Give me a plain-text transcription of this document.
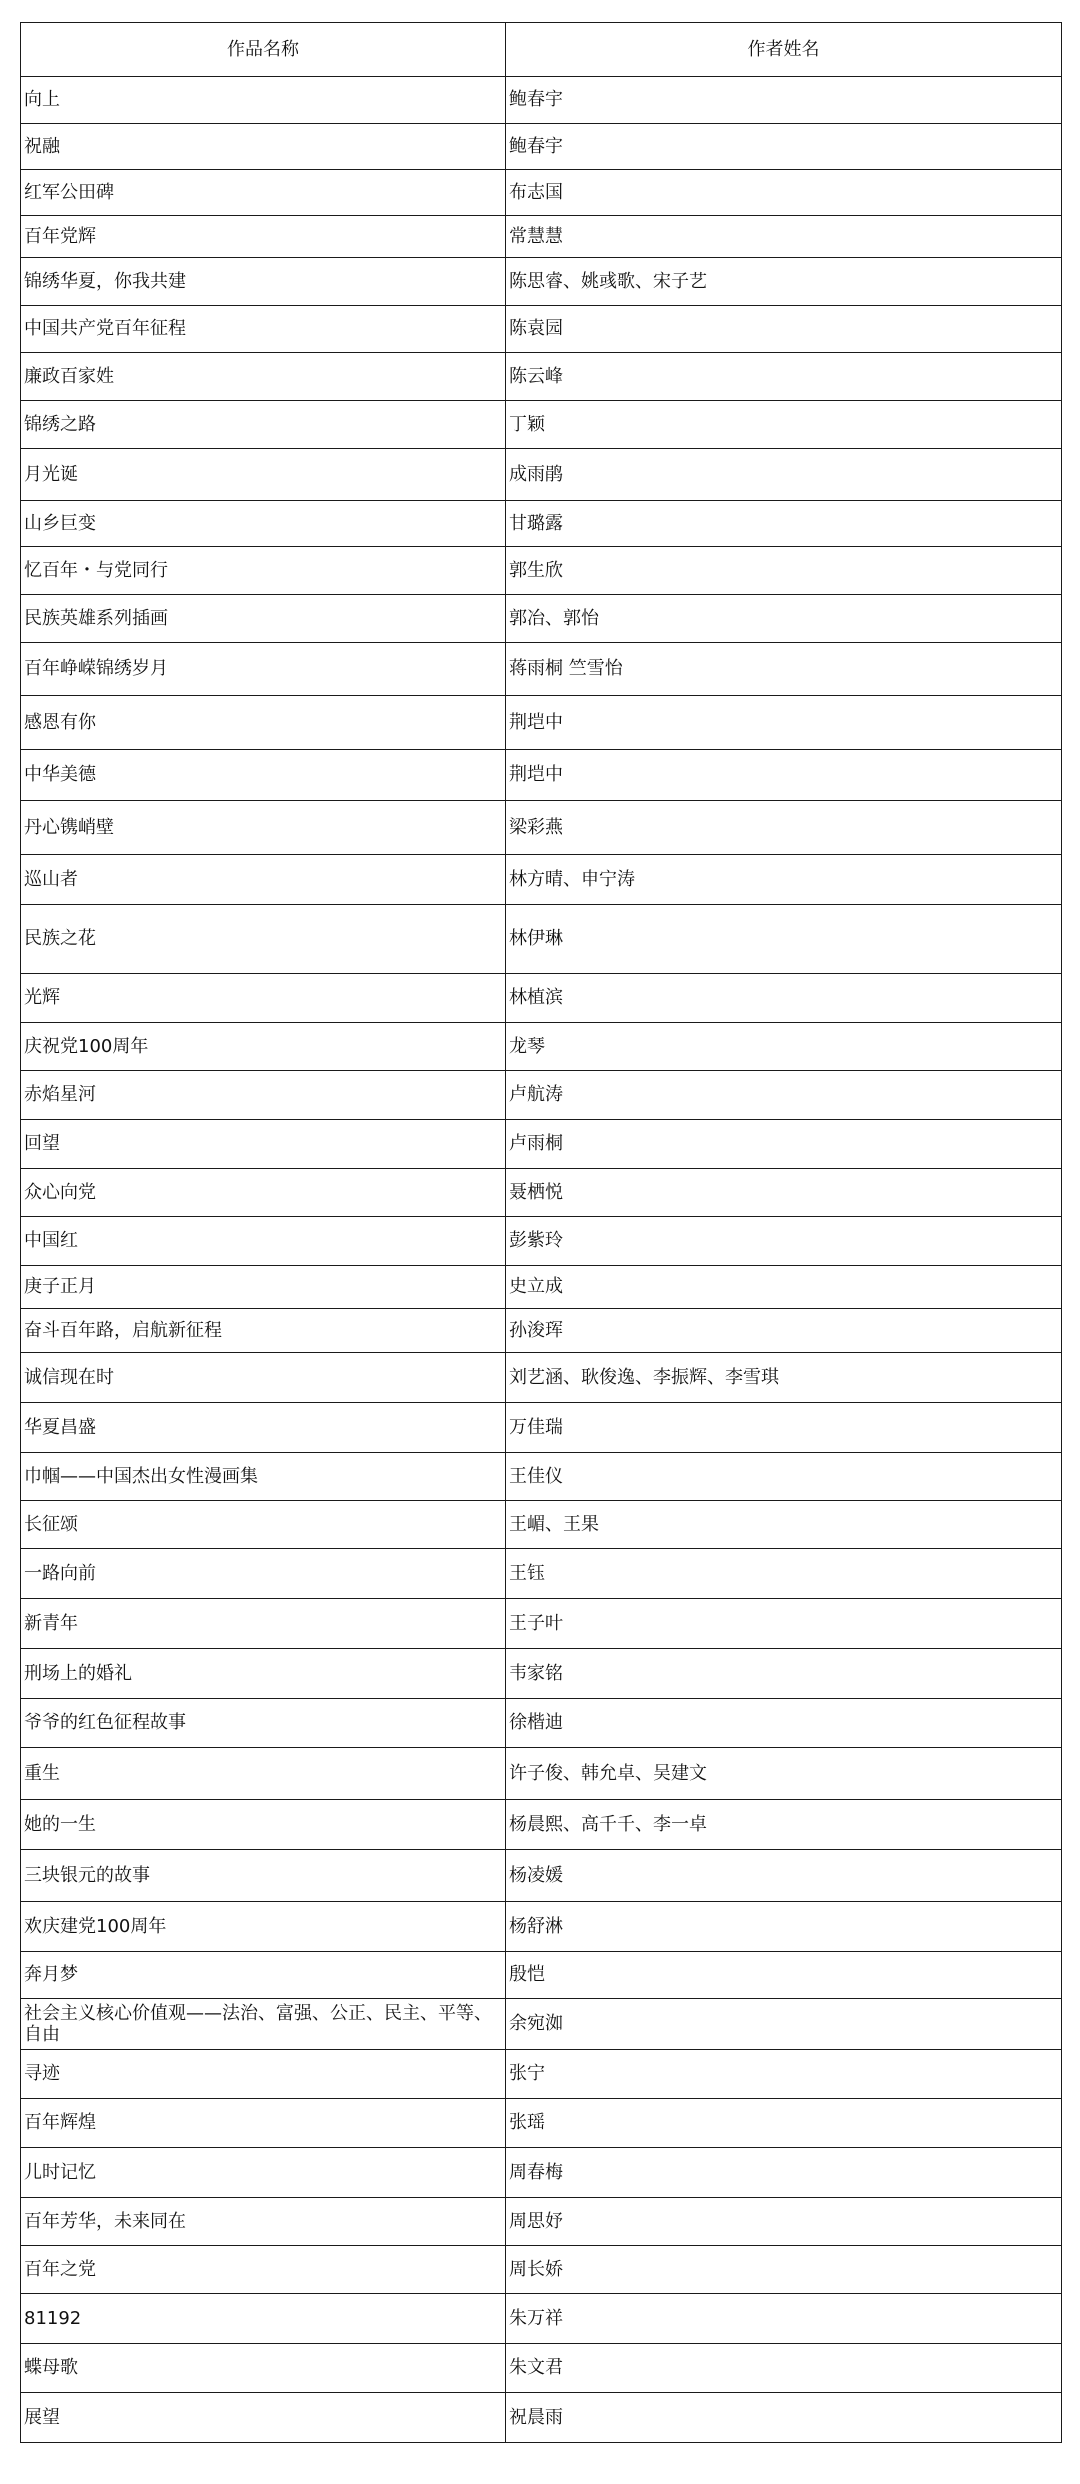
作品名称	作者姓名
向上	鲍春宇
祝融	鲍春宇
红军公田碑	布志国
百年党辉	常慧慧
锦绣华夏，你我共建	陈思睿、姚彧歌、宋子艺
中国共产党百年征程	陈袁园
廉政百家姓	陈云峰
锦绣之路	丁颖
月光诞	成雨鹃
山乡巨变	甘璐露
忆百年・与党同行	郭生欣
民族英雄系列插画	郭冶、郭怡
百年峥嵘锦绣岁月	蒋雨桐 竺雪怡
感恩有你	荆垲中
中华美德	荆垲中
丹心镌峭壁	梁彩燕
巡山者	林方晴、申宁涛
民族之花	林伊琳
光辉	林植滨
庆祝党100周年	龙琴
赤焰星河	卢航涛
回望	卢雨桐
众心向党	聂栖悦
中国红	彭紫玲
庚子正月	史立成
奋斗百年路，启航新征程	孙浚珲
诚信现在时	刘艺涵、耿俊逸、李振辉、李雪琪
华夏昌盛	万佳瑞
巾帼——中国杰出女性漫画集	王佳仪
长征颂	王嵋、王果
一路向前	王钰
新青年	王子叶
刑场上的婚礼	韦家铭
爷爷的红色征程故事	徐楷迪
重生	许子俊、韩允卓、吴建文
她的一生	杨晨熙、高千千、李一卓
三块银元的故事	杨凌媛
欢庆建党100周年	杨舒淋
奔月梦	殷恺
社会主义核心价值观——法治、富强、公正、民主、平等、自由	余宛洳
寻迹	张宁
百年辉煌	张瑶
儿时记忆	周春梅
百年芳华，未来同在	周思妤
百年之党	周长娇
81192	朱万祥
蝶母歌	朱文君
展望	祝晨雨
